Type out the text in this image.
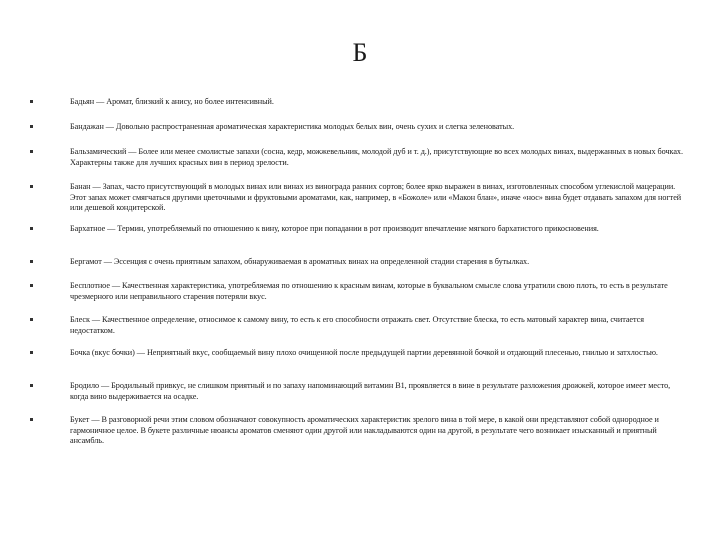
Б
Бадьян — Аромат, близкий к анису, но более интенсивный.
Бандажан — Довольно распространенная ароматическая характеристика молодых белых вин, очень сухих и слегка зеленоватых.
Бальзамический — Более или менее смолистые запахи (сосна, кедр, можжевельник, молодой дуб и т. д.), присутствующие во всех молодых винах, выдержанных в новых бочках. Характерны также для лучших красных вин в период зрелости.
Банан — Запах, часто присутствующий в молодых винах или винах из винограда ранних сортов; более ярко выражен в винах, изготовленных способом углекислой мацерации. Этот запах может смягчаться другими цветочными и фруктовыми ароматами, как, например, в «Божоле» или «Макон блан», иначе «нос» вина будет отдавать запахом для ногтей или дешевой кондитерской.
Бархатное — Термин, употребляемый по отношению к вину, которое при попадании в рот производит впечатление мягкого бархатистого прикосновения.
Бергамот — Эссенция с очень приятным запахом, обнаруживаемая в ароматных винах на определенной стадии старения в бутылках.
Бесплотное — Качественная характеристика, употребляемая по отношению к красным винам, которые в буквальном смысле слова утратили свою плоть, то есть в результате чрезмерного или неправильного старения потеряли вкус.
Блеск — Качественное определение, относимое к самому вину, то есть к его способности отражать свет. Отсутствие блеска, то есть матовый характер вина, считается недостатком.
Бочка (вкус бочки) — Неприятный вкус, сообщаемый вину плохо очищенной после предыдущей партии деревянной бочкой и отдающий плесенью, гнилью и затхлостью.
Бродило — Бродильный привкус, не слишком приятный и по запаху напоминающий витамин В1, проявляется в вине в результате разложения дрожжей, которое имеет место, когда вино выдерживается на осадке.
Букет — В разговорной речи этим словом обозначают совокупность ароматических характеристик зрелого вина в той мере, в какой они представляют собой однородное и гармоничное целое. В букете различные нюансы ароматов сменяют один другой или накладываются один на другой, в результате чего возникает изысканный и приятный ансамбль.
